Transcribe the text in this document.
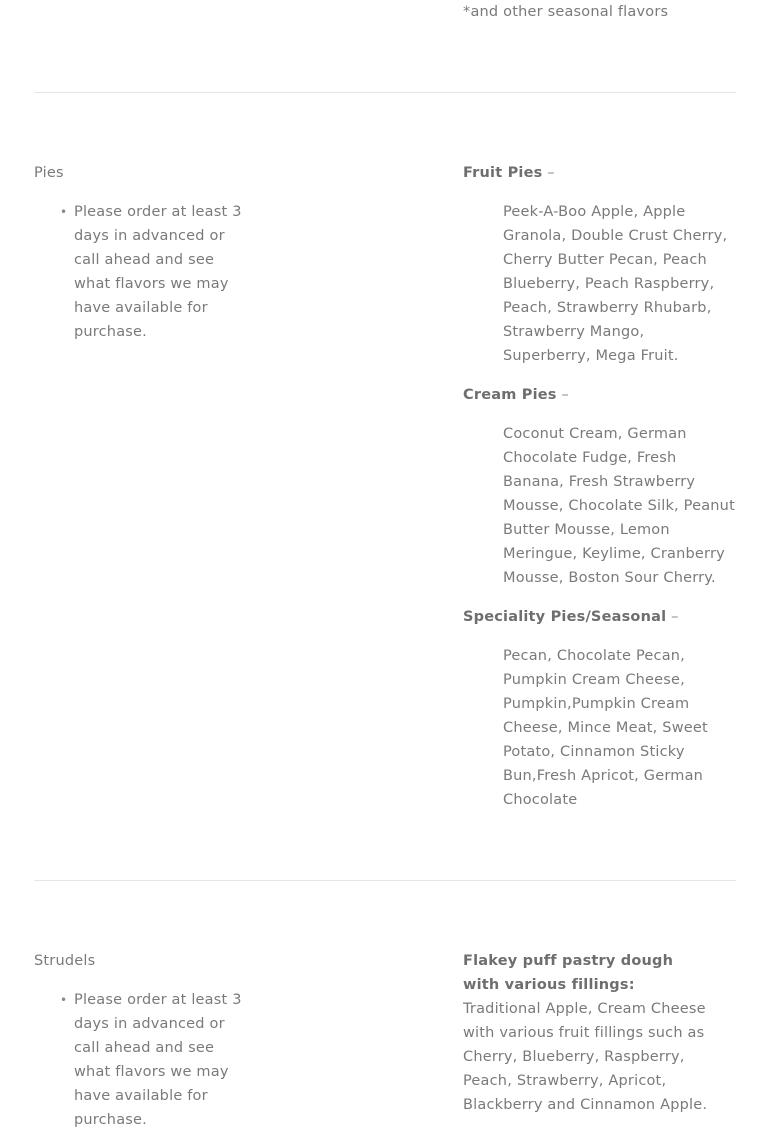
*and other seasonal flavors
Pies
• Please order at least 3 days in advanced or call ahead and see what flavors we may have available for purchase.
Fruit Pies –
Peek-A-Boo Apple, Apple Granola, Double Crust Cherry, Cherry Butter Pecan, Peach Blueberry, Peach Raspberry, Peach, Strawberry Rhubarb, Strawberry Mango, Superberry, Mega Fruit.
Cream Pies –
Coconut Cream, German Chocolate Fudge, Fresh Banana, Fresh Strawberry Mousse, Chocolate Silk, Peanut Butter Mousse, Lemon Meringue, Keylime, Cranberry Mousse, Boston Sour Cherry.
Speciality Pies/Seasonal –
Pecan, Chocolate Pecan, Pumpkin Cream Cheese, Pumpkin,Pumpkin Cream Cheese, Mince Meat, Sweet Potato, Cinnamon Sticky Bun,Fresh Apricot, German Chocolate
Strudels
• Please order at least 3 days in advanced or call ahead and see what flavors we may have available for purchase.
Flakey puff pastry dough with various fillings:
Traditional Apple, Cream Cheese with various fruit fillings such as Cherry, Blueberry, Raspberry, Peach, Strawberry, Apricot, Blackberry and Cinnamon Apple.
